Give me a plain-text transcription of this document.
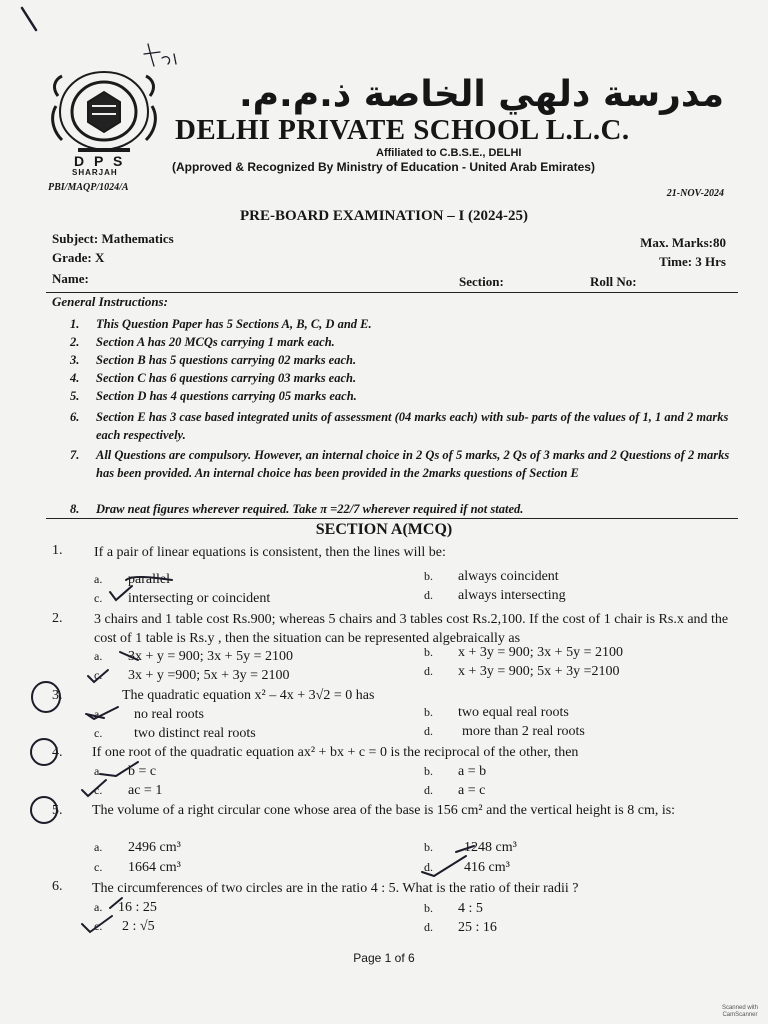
D P S
SHARJAH
مدرسة دلهي الخاصة ذ.م.م.
DELHI PRIVATE SCHOOL L.L.C.
Affiliated to C.B.S.E., DELHI
(Approved & Recognized By Ministry of Education - United Arab Emirates)
PBI/MAQP/1024/A
21-NOV-2024
PRE-BOARD EXAMINATION – I (2024-25)
Subject: Mathematics
Grade: X
Name:
Max. Marks:80
Time: 3 Hrs
Section:	Roll No:
General Instructions:
1.	This Question Paper has 5 Sections A, B, C, D and E.
2.	Section A has 20 MCQs carrying 1 mark each.
3.	Section B has 5 questions carrying 02 marks each.
4.	Section C has 6 questions carrying 03 marks each.
5.	Section D has 4 questions carrying 05 marks each.
6.	Section E has 3 case based integrated units of assessment (04 marks each) with sub- parts of the values of 1, 1 and 2 marks each respectively.
7.	All Questions are compulsory. However, an internal choice in 2 Qs of 5 marks, 2 Qs of 3 marks and 2 Questions of 2 marks has been provided. An internal choice has been provided in the 2marks questions of Section E
8.	Draw neat figures wherever required. Take π =22/7 wherever required if not stated.
SECTION A(MCQ)
1. If a pair of linear equations is consistent, then the lines will be:
a. parallel	b. always coincident
c. intersecting or coincident	d. always intersecting
2. 3 chairs and 1 table cost Rs.900; whereas 5 chairs and 3 tables cost Rs.2,100. If the cost of 1 chair is Rs.x and the cost of 1 table is Rs.y , then the situation can be represented algebraically as
a. 3x + y = 900; 3x + 5y = 2100	b. x + 3y = 900; 3x + 5y = 2100
c. 3x + y =900; 5x + 3y = 2100	d. x + 3y = 900; 5x + 3y =2100
3.	The quadratic equation x² – 4x + 3√2 = 0 has
a. no real roots	b. two equal real roots
c. two distinct real roots	d. more than 2 real roots
4. If one root of the quadratic equation ax² + bx + c = 0 is the reciprocal of the other, then
a. b = c	b. a = b
c. ac = 1	d. a = c
5. The volume of a right circular cone whose area of the base is 156 cm² and the vertical height is 8 cm, is:
a. 2496 cm³	b. 1248 cm³
c. 1664 cm³	d. 416 cm³
6. The circumferences of two circles are in the ratio 4 : 5. What is the ratio of their radii ?
a. 16 : 25	b. 4 : 5
c. 2 : √5	d. 25 : 16
Page 1 of 6
Scanned with
CamScanner
